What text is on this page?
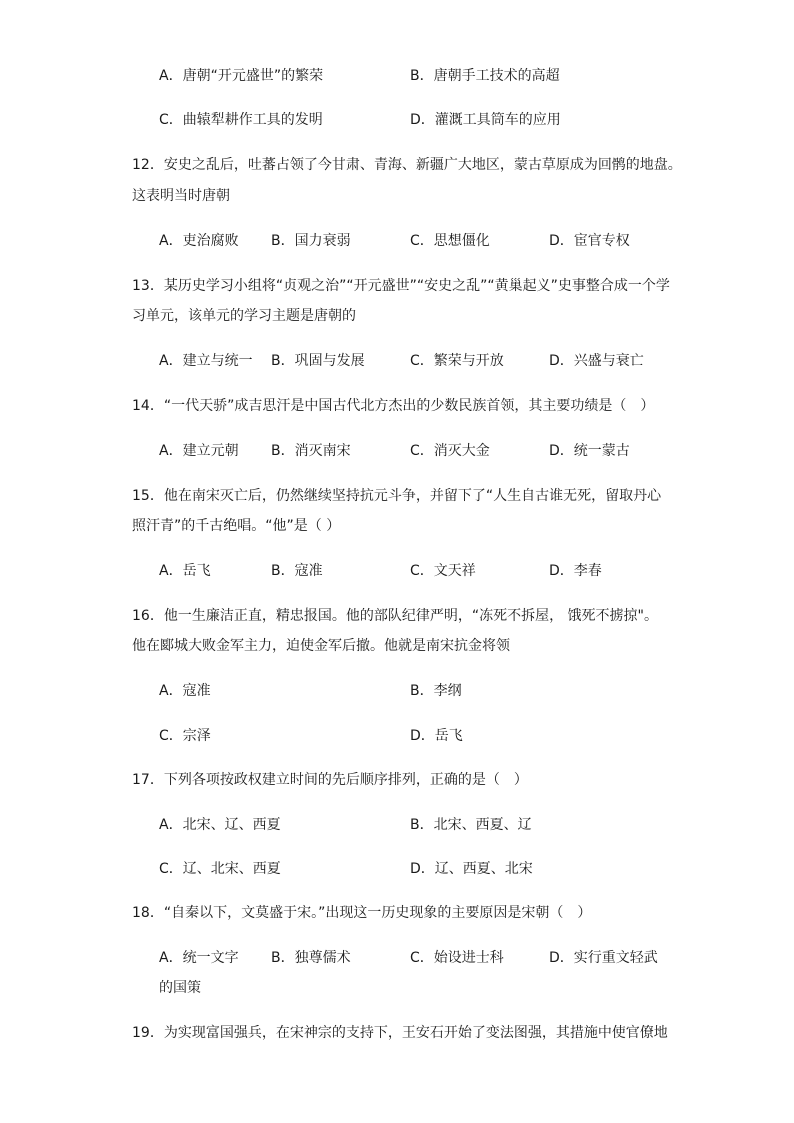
A．唐朝“开元盛世”的繁荣	B．唐朝手工技术的高超
C．曲辕犁耕作工具的发明	D．灌溉工具筒车的应用
12．安史之乱后，吐蕃占领了今甘肃、青海、新疆广大地区，蒙古草原成为回鹘的地盘。
这表明当时唐朝
A．吏治腐败 B．国力衰弱	C．思想僵化	D．宦官专权
13．某历史学习小组将“贞观之治”“开元盛世”“安史之乱”“黄巢起义”史事整合成一个学
习单元，该单元的学习主题是唐朝的
A．建立与统一 B．巩固与发展	C．繁荣与开放	D．兴盛与衰亡
14．“一代天骄”成吉思汗是中国古代北方杰出的少数民族首领，其主要功绩是（　）
A．建立元朝 B．消灭南宋	C．消灭大金	D．统一蒙古
15．他在南宋灭亡后，仍然继续坚持抗元斗争，并留下了“人生自古谁无死，留取丹心
照汗青”的千古绝唱。“他”是（ ）
A．岳飞	B．寇准	C．文天祥	D．李春
16．他一生廉洁正直，精忠报国。他的部队纪律严明，“冻死不拆屋， 饿死不掳掠"。
他在郾城大败金军主力，迫使金军后撤。他就是南宋抗金将领
A．寇准	B．李纲
C．宗泽	D．岳飞
17．下列各项按政权建立时间的先后顺序排列，正确的是（　）
A．北宋、辽、西夏	B．北宋、西夏、辽
C．辽、北宋、西夏	D．辽、西夏、北宋
18．“自秦以下，文莫盛于宋。”出现这一历史现象的主要原因是宋朝（　）
A．统一文字 B．独尊儒术	C．始设进士科	D．实行重文轻武
的国策
19．为实现富国强兵，在宋神宗的支持下，王安石开始了变法图强，其措施中使官僚地
